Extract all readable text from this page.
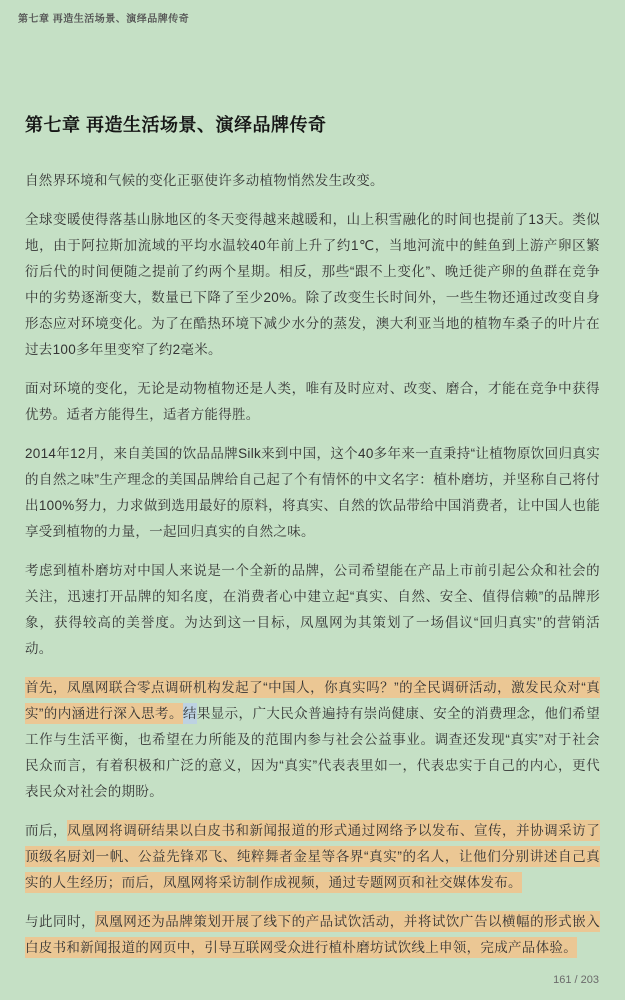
第七章 再造生活场景、演绎品牌传奇
第七章 再造生活场景、演绎品牌传奇

自然界环境和气候的变化正驱使许多动植物悄然发生改变。

全球变暖使得落基山脉地区的冬天变得越来越暖和，山上积雪融化的时间也提前了13天。类似地，由于阿拉斯加流域的平均水温较40年前上升了约1℃，当地河流中的鲑鱼到上游产卵区繁衍后代的时间便随之提前了约两个星期。相反，那些“跟不上变化”、晚迁徙产卵的鱼群在竞争中的劣势逐渐变大，数量已下降了至少20%。除了改变生长时间外，一些生物还通过改变自身形态应对环境变化。为了在酷热环境下减少水分的蒸发，澳大利亚当地的植物车桑子的叶片在过去100多年里变窄了约2毫米。

面对环境的变化，无论是动物植物还是人类，唯有及时应对、改变、磨合，才能在竞争中获得优势。适者方能得生，适者方能得胜。

2014年12月，来自美国的饮品品牌Silk来到中国，这个40多年来一直秉持“让植物原饮回归真实的自然之味”生产理念的美国品牌给自己起了个有情怀的中文名字：植朴磨坊，并坚称自己将付出100%努力，力求做到选用最好的原料，将真实、自然的饮品带给中国消费者，让中国人也能享受到植物的力量，一起回归真实的自然之味。

考虑到植朴磨坊对中国人来说是一个全新的品牌，公司希望能在产品上市前引起公众和社会的关注，迅速打开品牌的知名度，在消费者心中建立起“真实、自然、安全、值得信赖”的品牌形象，获得较高的美誉度。为达到这一目标，凤凰网为其策划了一场倡议“回归真实”的营销活动。

首先，凤凰网联合零点调研机构发起了“中国人，你真实吗？”的全民调研活动，激发民众对“真实”的内涵进行深入思考。结果显示，广大民众普遍持有崇尚健康、安全的消费理念，他们希望工作与生活平衡，也希望在力所能及的范围内参与社会公益事业。调查还发现“真实”对于社会民众而言，有着积极和广泛的意义，因为“真实”代表表里如一，代表忠实于自己的内心，更代表民众对社会的期盼。

而后，凤凰网将调研结果以白皮书和新闻报道的形式通过网络予以发布、宣传，并协调采访了顶级名厨刘一帆、公益先锋邓飞、纯粹舞者金星等各界“真实”的名人，让他们分别讲述自己真实的人生经历；而后，凤凰网将采访制作成视频，通过专题网页和社交媒体发布。

与此同时，凤凰网还为品牌策划开展了线下的产品试饮活动，并将试饮广告以横幅的形式嵌入白皮书和新闻报道的网页中，引导互联网受众进行植朴磨坊试饮线上申领，完成产品体验。

161 / 203
